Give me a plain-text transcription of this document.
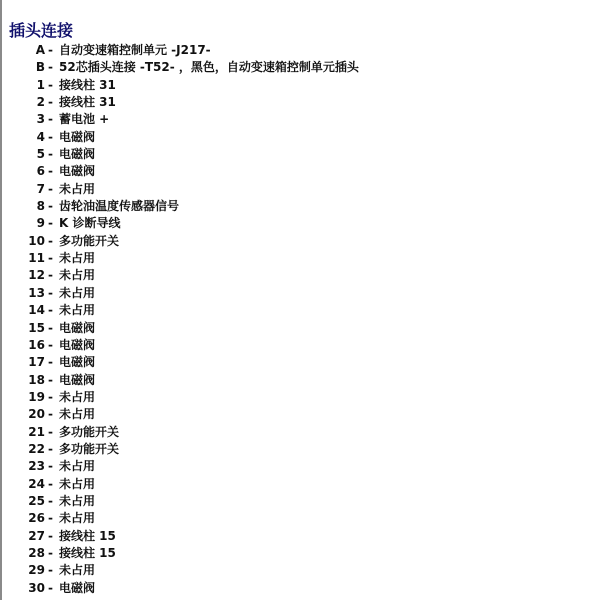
插头连接
A - 自动变速箱控制单元 -J217-
B - 52芯插头连接 -T52- ，黑色，自动变速箱控制单元插头
1 - 接线柱 31
2 - 接线柱 31
3 - 蓄电池 +
4 - 电磁阀
5 - 电磁阀
6 - 电磁阀
7 - 未占用
8 - 齿轮油温度传感器信号
9 - K 诊断导线
10 - 多功能开关
11 - 未占用
12 - 未占用
13 - 未占用
14 - 未占用
15 - 电磁阀
16 - 电磁阀
17 - 电磁阀
18 - 电磁阀
19 - 未占用
20 - 未占用
21 - 多功能开关
22 - 多功能开关
23 - 未占用
24 - 未占用
25 - 未占用
26 - 未占用
27 - 接线柱 15
28 - 接线柱 15
29 - 未占用
30 - 电磁阀
